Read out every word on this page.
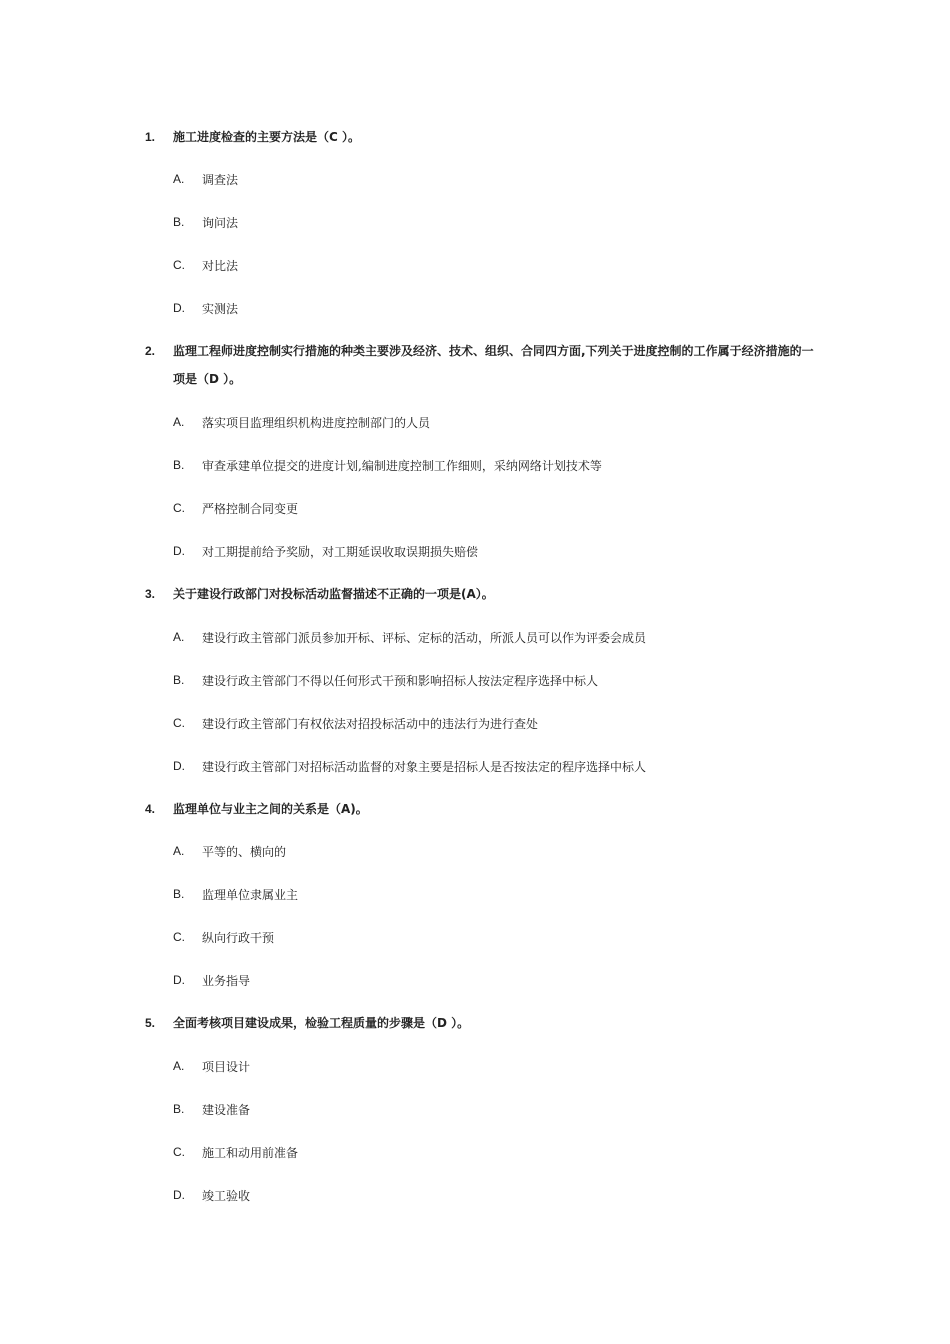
1.	施工进度检查的主要方法是（C ）。
A.	调查法
B.	询问法
C.	对比法
D.	实测法
2.	监理工程师进度控制实行措施的种类主要涉及经济、技术、组织、合同四方面,下列关于进度控制的工作属于经济措施的一项是（D ）。
A.	落实项目监理组织机构进度控制部门的人员
B.	审查承建单位提交的进度计划,编制进度控制工作细则，采纳网络计划技术等
C.	严格控制合同变更
D.	对工期提前给予奖励，对工期延误收取误期损失赔偿
3.	关于建设行政部门对投标活动监督描述不正确的一项是(A）。
A.	建设行政主管部门派员参加开标、评标、定标的活动，所派人员可以作为评委会成员
B.	建设行政主管部门不得以任何形式干预和影响招标人按法定程序选择中标人
C.	建设行政主管部门有权依法对招投标活动中的违法行为进行查处
D.	建设行政主管部门对招标活动监督的对象主要是招标人是否按法定的程序选择中标人
4.	监理单位与业主之间的关系是（A)。
A.	平等的、横向的
B.	监理单位隶属业主
C.	纵向行政干预
D.	业务指导
5.	全面考核项目建设成果，检验工程质量的步骤是（D ）。
A.	项目设计
B.	建设准备
C.	施工和动用前准备
D.	竣工验收
